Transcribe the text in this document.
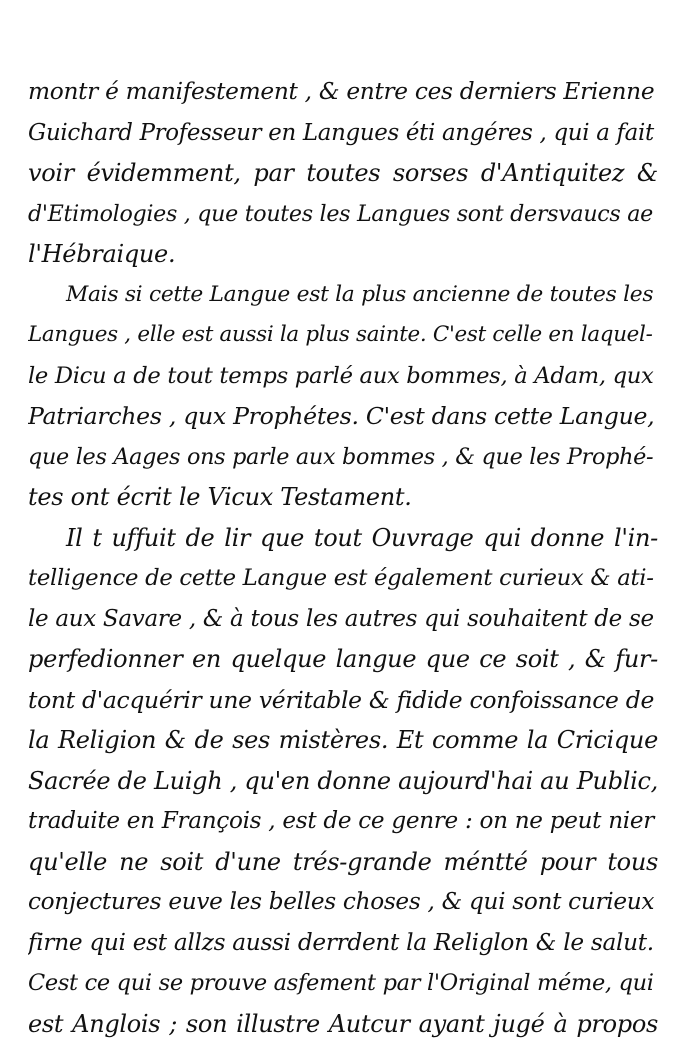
montr é manifestement , & entre ces derniers Erienne
Guichard Professeur en Langues éti angéres , qui a fait
voir évidemment, par toutes sorses d'Antiquitez &
d'Etimologies , que toutes les Langues sont dersvaucs ae
l'Hébraique.
Mais si cette Langue est la plus ancienne de toutes les
Langues , elle est aussi la plus sainte. C'est celle en laquel-
le Dicu a de tout temps parlé aux bommes, à Adam, qux
Patriarches , qux Prophétes. C'est dans cette Langue,
que les Aages ons parle aux bommes , & que les Prophé-
tes ont écrit le Vicux Testament.
Il t uffuit de lir que tout Ouvrage qui donne l'in-
telligence de cette Langue est également curieux & ati-
le aux Savare , & à tous les autres qui souhaitent de se
perfedionner en quelque langue que ce soit , & fur-
tont d'acquérir une véritable & fidide confoissance de
la Religion & de ses mistères. Et comme la Cricique
Sacrée de Luigh , qu'en donne aujourd'hai au Public,
traduite en François , est de ce genre : on ne peut nier
qu'elle ne soit d'une trés-grande méntté pour tous
conjectures euve les belles choses , & qui sont curieux
firne qui est allzs aussi derrdent la Religlon & le salut.
Cest ce qui se prouve asfement par l'Original méme, qui
est Anglois ; son illustre Autcur ayant jugé à propos
